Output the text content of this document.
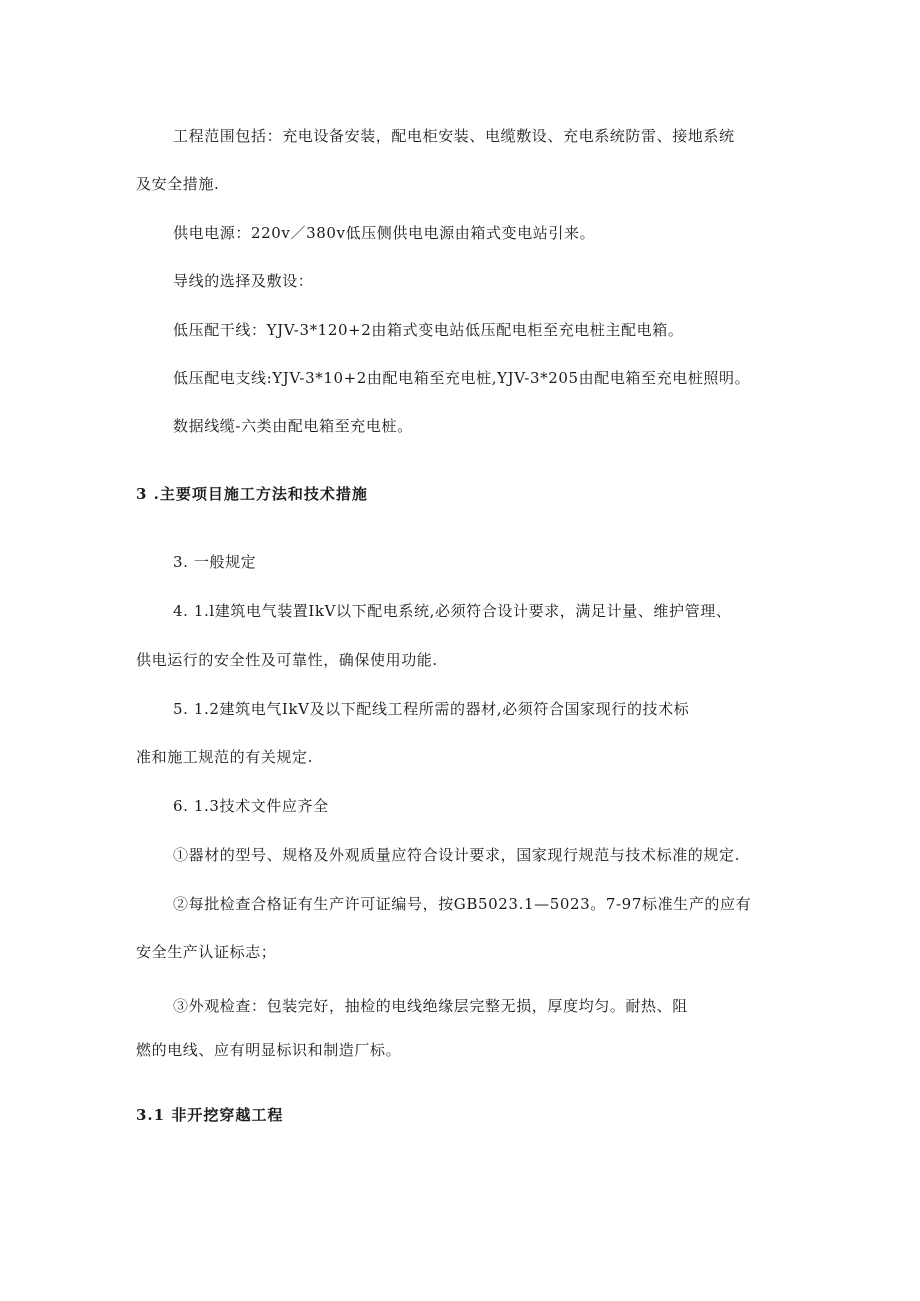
工程范围包括：充电设备安装，配电柜安装、电缆敷设、充电系统防雷、接地系统
及安全措施.
供电电源：220v／380v低压侧供电电源由箱式变电站引来。
导线的选择及敷设：
低压配干线：YJV-3*120+2由箱式变电站低压配电柜至充电桩主配电箱。
低压配电支线:YJV-3*10+2由配电箱至充电桩,YJV-3*205由配电箱至充电桩照明。
数据线缆-六类由配电箱至充电桩。
3 .主要项目施工方法和技术措施
3. 一般规定
4. 1.l建筑电气装置IkV以下配电系统,必须符合设计要求，满足计量、维护管理、
供电运行的安全性及可靠性，确保使用功能.
5. 1.2建筑电气IkV及以下配线工程所需的器材,必须符合国家现行的技术标
准和施工规范的有关规定.
6. 1.3技术文件应齐全
①器材的型号、规格及外观质量应符合设计要求，国家现行规范与技术标准的规定.
②每批检查合格证有生产许可证编号，按GB5023.1—5023。7-97标准生产的应有
安全生产认证标志；
③外观检查：包装完好，抽检的电线绝缘层完整无损，厚度均匀。耐热、阻
燃的电线、应有明显标识和制造厂标。
3.1 非开挖穿越工程
